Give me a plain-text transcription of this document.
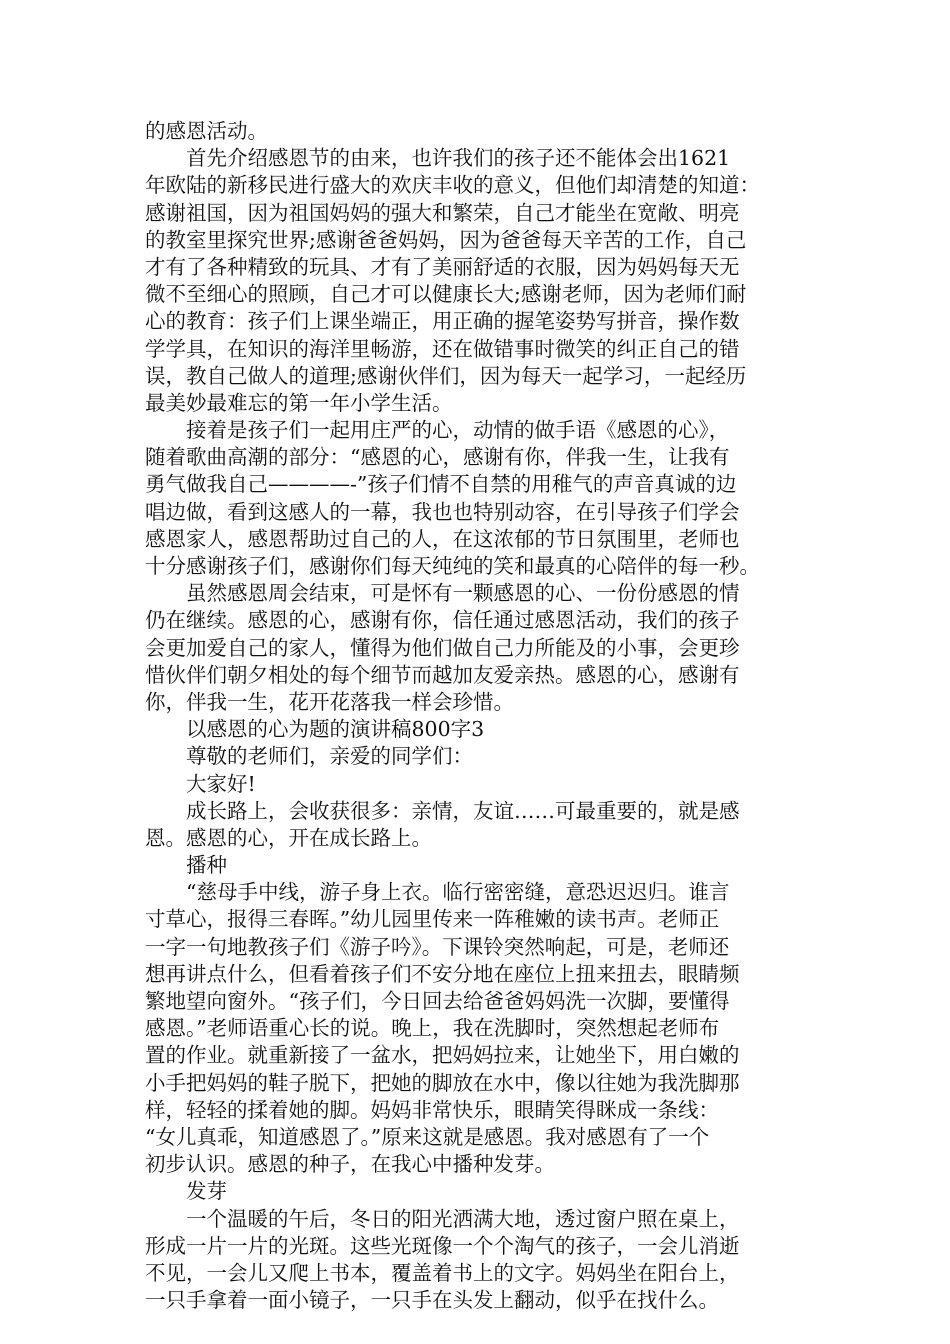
的感恩活动。
　　首先介绍感恩节的由来，也许我们的孩子还不能体会出1621
年欧陆的新移民进行盛大的欢庆丰收的意义，但他们却清楚的知道：
感谢祖国，因为祖国妈妈的强大和繁荣，自己才能坐在宽敞、明亮
的教室里探究世界;感谢爸爸妈妈，因为爸爸每天辛苦的工作，自己
才有了各种精致的玩具、才有了美丽舒适的衣服，因为妈妈每天无
微不至细心的照顾，自己才可以健康长大;感谢老师，因为老师们耐
心的教育：孩子们上课坐端正，用正确的握笔姿势写拼音，操作数
学学具，在知识的海洋里畅游，还在做错事时微笑的纠正自己的错
误，教自己做人的道理;感谢伙伴们，因为每天一起学习，一起经历
最美妙最难忘的第一年小学生活。
　　接着是孩子们一起用庄严的心，动情的做手语《感恩的心》，
随着歌曲高潮的部分：“感恩的心，感谢有你，伴我一生，让我有
勇气做我自己————-”孩子们情不自禁的用稚气的声音真诚的边
唱边做，看到这感人的一幕，我也也特别动容，在引导孩子们学会
感恩家人，感恩帮助过自己的人，在这浓郁的节日氛围里，老师也
十分感谢孩子们，感谢你们每天纯纯的笑和最真的心陪伴的每一秒。
　　虽然感恩周会结束，可是怀有一颗感恩的心、一份份感恩的情
仍在继续。感恩的心，感谢有你，信任通过感恩活动，我们的孩子
会更加爱自己的家人，懂得为他们做自己力所能及的小事，会更珍
惜伙伴们朝夕相处的每个细节而越加友爱亲热。感恩的心，感谢有
你，伴我一生，花开花落我一样会珍惜。
　　以感恩的心为题的演讲稿800字3
　　尊敬的老师们，亲爱的同学们：
　　大家好!
　　成长路上，会收获很多：亲情，友谊……可最重要的，就是感
恩。感恩的心，开在成长路上。
　　播种
　　“慈母手中线，游子身上衣。临行密密缝，意恐迟迟归。谁言
寸草心，报得三春晖。”幼儿园里传来一阵稚嫩的读书声。老师正
一字一句地教孩子们《游子吟》。下课铃突然响起，可是，老师还
想再讲点什么，但看着孩子们不安分地在座位上扭来扭去，眼睛频
繁地望向窗外。“孩子们，今日回去给爸爸妈妈洗一次脚，要懂得
感恩。”老师语重心长的说。晚上，我在洗脚时，突然想起老师布
置的作业。就重新接了一盆水，把妈妈拉来，让她坐下，用白嫩的
小手把妈妈的鞋子脱下，把她的脚放在水中，像以往她为我洗脚那
样，轻轻的揉着她的脚。妈妈非常快乐，眼睛笑得眯成一条线：
“女儿真乖，知道感恩了。”原来这就是感恩。我对感恩有了一个
初步认识。感恩的种子，在我心中播种发芽。
　　发芽
　　一个温暖的午后，冬日的阳光洒满大地，透过窗户照在桌上，
形成一片一片的光斑。这些光斑像一个个淘气的孩子，一会儿消逝
不见，一会儿又爬上书本，覆盖着书上的文字。妈妈坐在阳台上，
一只手拿着一面小镜子，一只手在头发上翻动，似乎在找什么。
